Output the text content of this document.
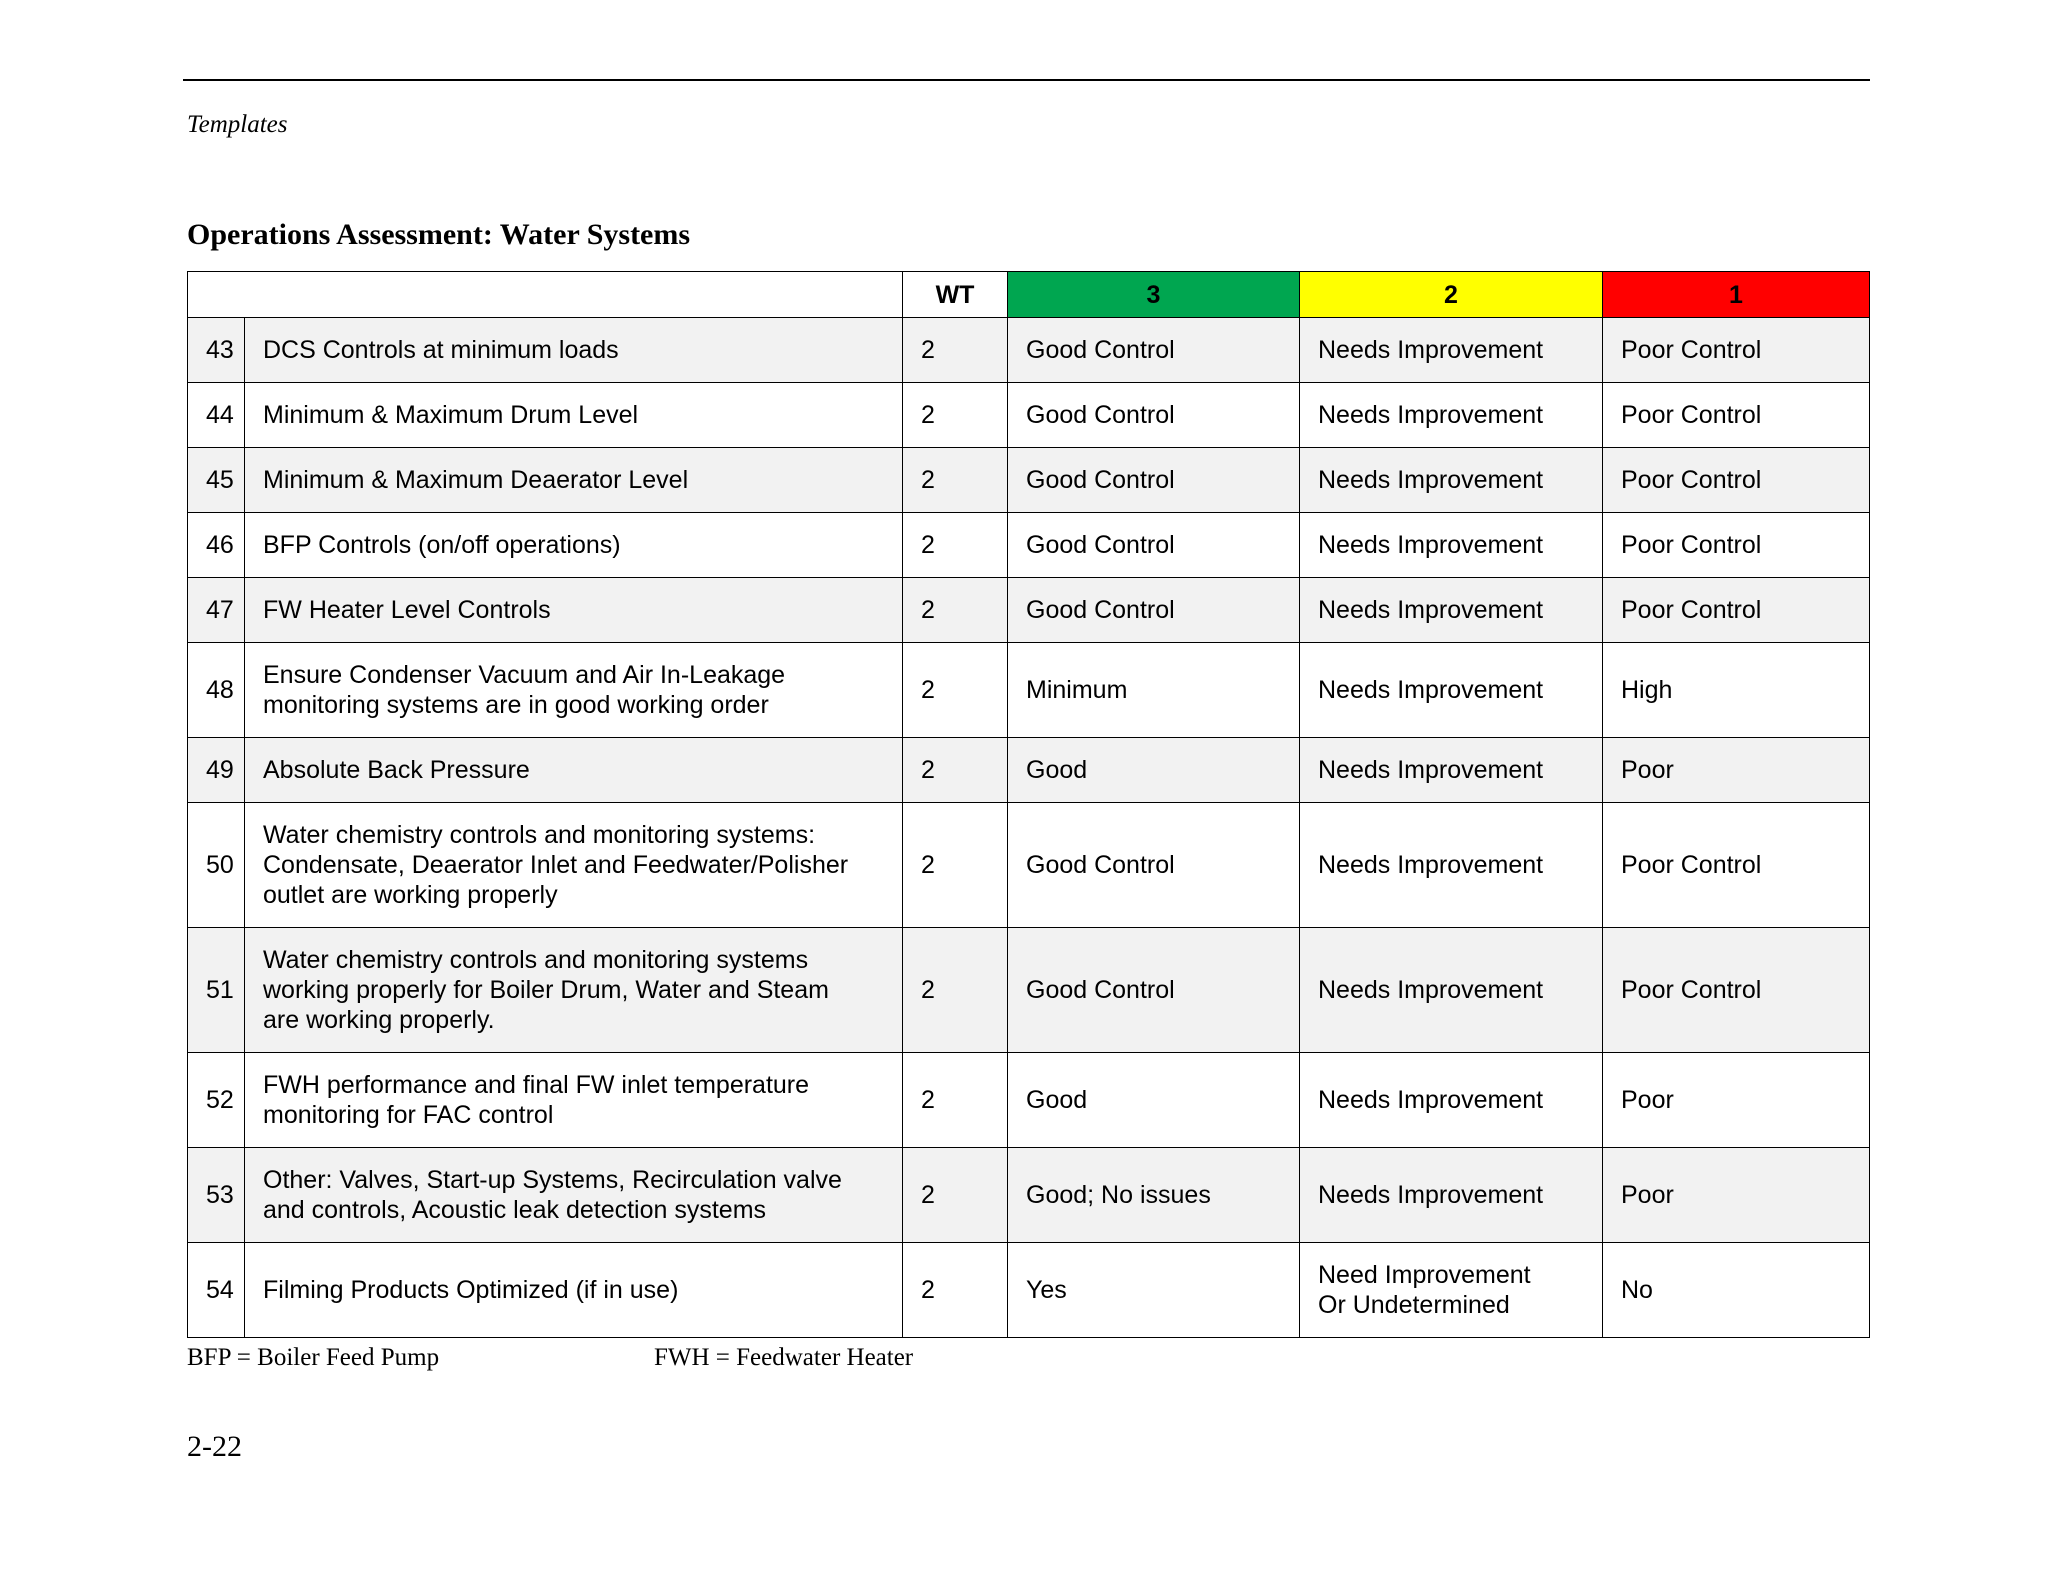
Templates
Operations Assessment: Water Systems
		WT	3	2	1
43	DCS Controls at minimum loads	2	Good Control	Needs Improvement	Poor Control
44	Minimum & Maximum Drum Level	2	Good Control	Needs Improvement	Poor Control
45	Minimum & Maximum Deaerator Level	2	Good Control	Needs Improvement	Poor Control
46	BFP Controls (on/off operations)	2	Good Control	Needs Improvement	Poor Control
47	FW Heater Level Controls	2	Good Control	Needs Improvement	Poor Control
48	Ensure Condenser Vacuum and Air In-Leakage
monitoring systems are in good working order	2	Minimum	Needs Improvement	High
49	Absolute Back Pressure	2	Good	Needs Improvement	Poor
50	Water chemistry controls and monitoring systems:
Condensate, Deaerator Inlet and Feedwater/Polisher
outlet are working properly	2	Good Control	Needs Improvement	Poor Control
51	Water chemistry controls and monitoring systems
working properly for Boiler Drum, Water and Steam
are working properly.	2	Good Control	Needs Improvement	Poor Control
52	FWH performance and final FW inlet temperature
monitoring for FAC control	2	Good	Needs Improvement	Poor
53	Other: Valves, Start-up Systems, Recirculation valve
and controls, Acoustic leak detection systems	2	Good; No issues	Needs Improvement	Poor
54	Filming Products Optimized (if in use)	2	Yes	Need Improvement
Or Undetermined	No
BFP = Boiler Feed Pump	FWH = Feedwater Heater
2-22
